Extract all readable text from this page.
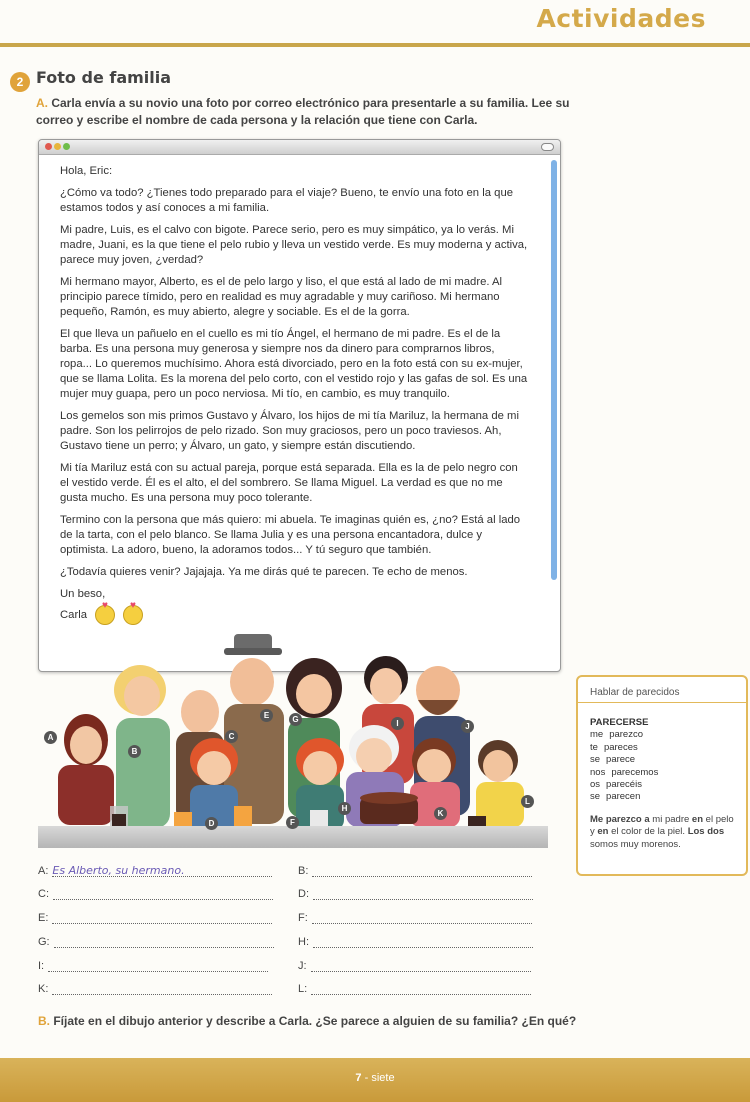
Actividades
2 Foto de familia
A. Carla envía a su novio una foto por correo electrónico para presentarle a su familia. Lee su correo y escribe el nombre de cada persona y la relación que tiene con Carla.

Hola, Eric:

¿Cómo va todo? ¿Tienes todo preparado para el viaje? Bueno, te envío una foto en la que estamos todos y así conoces a mi familia.

Mi padre, Luis, es el calvo con bigote. Parece serio, pero es muy simpático, ya lo verás. Mi madre, Juani, es la que tiene el pelo rubio y lleva un vestido verde. Es muy moderna y activa, parece muy joven, ¿verdad?

Mi hermano mayor, Alberto, es el de pelo largo y liso, el que está al lado de mi madre. Al principio parece tímido, pero en realidad es muy agradable y muy cariñoso. Mi hermano pequeño, Ramón, es muy abierto, alegre y sociable. Es el de la gorra.

El que lleva un pañuelo en el cuello es mi tío Ángel, el hermano de mi padre. Es el de la barba. Es una persona muy generosa y siempre nos da dinero para comprarnos libros, ropa... Lo queremos muchísimo. Ahora está divorciado, pero en la foto está con su ex-mujer, que se llama Lolita. Es la morena del pelo corto, con el vestido rojo y las gafas de sol. Es una mujer muy guapa, pero un poco nerviosa. Mi tío, en cambio, es muy tranquilo.

Los gemelos son mis primos Gustavo y Álvaro, los hijos de mi tía Mariluz, la hermana de mi padre. Son los pelirrojos de pelo rizado. Son muy graciosos, pero un poco traviesos. Ah, Gustavo tiene un perro; y Álvaro, un gato, y siempre están discutiendo.

Mi tía Mariluz está con su actual pareja, porque está separada. Ella es la de pelo negro con el vestido verde. Él es el alto, el del sombrero. Se llama Miguel. La verdad es que no me gusta mucho. Es una persona muy poco tolerante.

Termino con la persona que más quiero: mi abuela. Te imaginas quién es, ¿no? Está al lado de la tarta, con el pelo blanco. Se llama Julia y es una persona encantadora, dulce y optimista. La adoro, bueno, la adoramos todos... Y tú seguro que también.

¿Todavía quieres venir? Jajajaja. Ya me dirás qué te parecen. Te echo de menos.

Un beso,

Carla
♥ ♥
A
B
C
D
E
F
G
H
I	J
K
L
A: Es Alberto, su hermano.	B:
C:	D:
E:	F:
G:	H:
I:	J:
K:	L:
Hablar de parecidos
PARECERSE
me parezco
te pareces
se parece
nos parecemos
os parecéis
se parecen
Me parezco a mi padre en el pelo y en el color de la piel. Los dos somos muy morenos.
B. Fíjate en el dibujo anterior y describe a Carla. ¿Se parece a alguien de su familia? ¿En qué?
7 - siete
